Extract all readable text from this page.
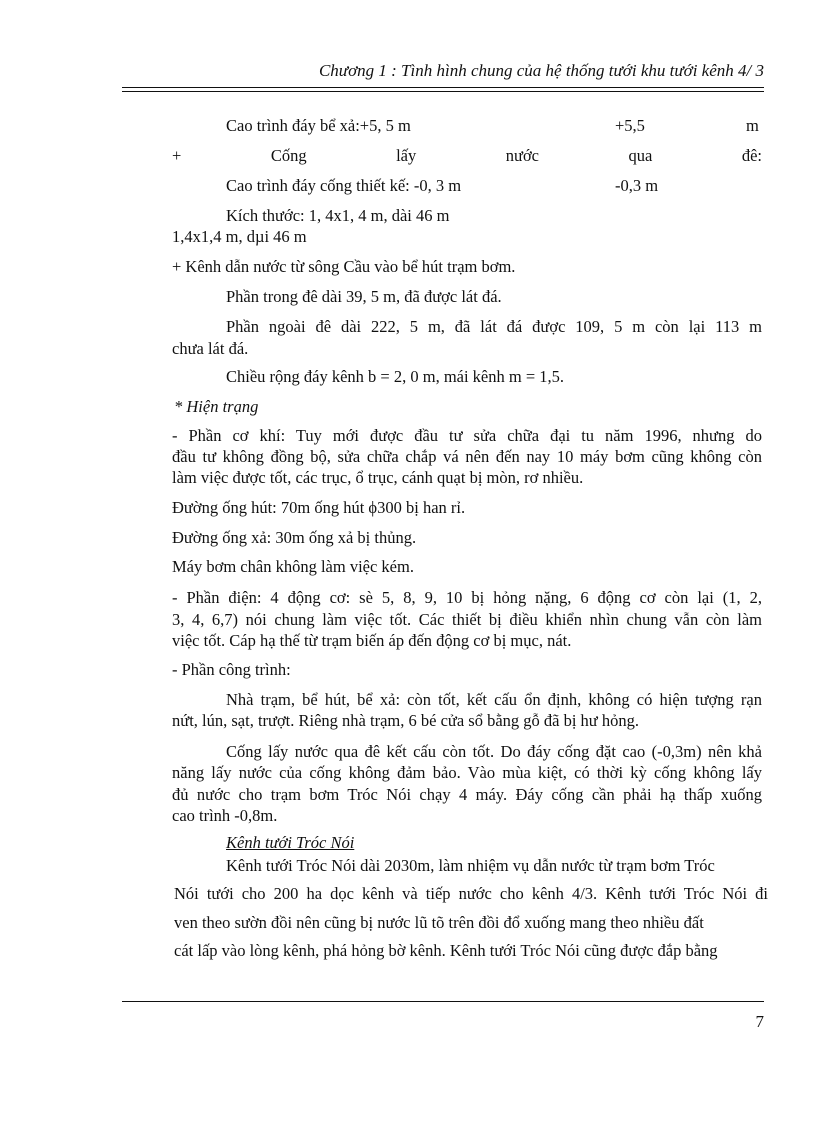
Chương 1 : Tình hình chung của hệ thống tưới khu tưới kênh 4/ 3
Cao trình đáy bể xả:+5, 5 m	+5,5	m
+	Cống	lấy	nước	qua	đê:
Cao trình đáy cống thiết kế: -0, 3 m	-0,3 m
Kích thước: 1, 4x1, 4 m, dài 46 m
1,4x1,4 m, dµi 46 m
+ Kênh dẫn nước từ sông Cầu vào bể hút trạm bơm.
Phần trong đê dài 39, 5 m, đã được lát đá.
Phần ngoài đê dài 222, 5 m, đã lát đá được 109, 5 m còn lại 113 m
chưa lát đá.
Chiều rộng đáy kênh b = 2, 0 m, mái kênh m = 1,5.
* Hiện trạng
- Phần cơ khí: Tuy mới được đầu tư sửa chữa đại tu năm 1996, nhưng do
đầu tư không đồng bộ, sửa chữa chắp vá nên đến nay 10 máy bơm cũng không còn
làm việc được tốt, các trục, ổ trục, cánh quạt bị mòn, rơ nhiều.
Đường ống hút: 70m ống hút ϕ300 bị han rỉ.
Đường ống xả: 30m ống xả bị thủng.
Máy bơm chân không làm việc kém.
- Phần điện: 4 động cơ: sè 5, 8, 9, 10 bị hỏng nặng, 6 động cơ còn lại (1, 2,
3, 4, 6,7) nói chung làm việc tốt. Các thiết bị điều khiển nhìn chung vẫn còn làm
việc tốt. Cáp hạ thế từ trạm biến áp đến động cơ bị mục, nát.
- Phần công trình:
Nhà trạm, bể hút, bể xả: còn tốt, kết cấu ổn định, không có hiện tượng rạn
nứt, lún, sạt, trượt. Riêng nhà trạm, 6 bé cửa sổ bằng gỗ đã bị hư hỏng.
Cống lấy nước qua đê kết cấu còn tốt. Do đáy cống đặt cao (-0,3m) nên khả
năng lấy nước của cống không đảm bảo. Vào mùa kiệt, có thời kỳ cống không lấy
đủ nước cho trạm bơm Tróc Nói chạy 4 máy. Đáy cống cần phải hạ thấp xuống
cao trình -0,8m.
Kênh tưới Tróc Nói
Kênh tưới Tróc Nói dài 2030m, làm nhiệm vụ dẫn nước từ trạm bơm Tróc
Nói tưới cho 200 ha dọc kênh và tiếp nước cho kênh 4/3. Kênh tưới Tróc Nói đi
ven theo sườn đồi nên cũng bị nước lũ tõ trên đồi đổ xuống mang theo nhiều đất
cát lấp vào lòng kênh, phá hỏng bờ kênh. Kênh tưới Tróc Nói cũng được đắp bằng
7
